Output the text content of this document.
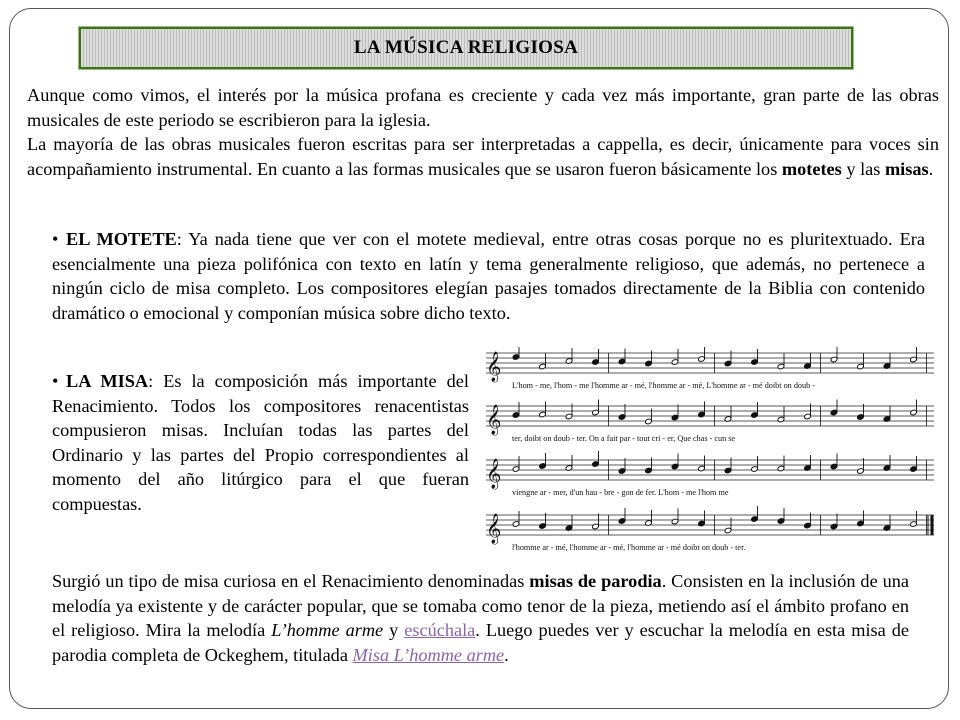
LA MÚSICA RELIGIOSA
Aunque como vimos, el interés por la música profana es creciente y cada vez más importante, gran parte de las obras musicales de este periodo se escribieron para la iglesia.
La mayoría de las obras musicales fueron escritas para ser interpretadas a cappella, es decir, únicamente para voces sin acompañamiento instrumental. En cuanto a las formas musicales que se usaron fueron básicamente los motetes y las misas.
• EL MOTETE: Ya nada tiene que ver con el motete medieval, entre otras cosas porque no es pluritextuado. Era esencialmente una pieza polifónica con texto en latín y tema generalmente religioso, que además, no pertenece a ningún ciclo de misa completo. Los compositores elegían pasajes tomados directamente de la Biblia con contenido dramático o emocional y componían música sobre dicho texto.
• LA MISA: Es la composición más importante del Renacimiento. Todos los compositores renacentistas compusieron misas. Incluían todas las partes del Ordinario y las partes del Propio correspondientes al momento del año litúrgico para el que fueran compuestas.
𝄞
𝄞
𝄞
𝄞
L'hom - me, l'hom - me l'homme ar - mé, l'homme ar - mé, L'homme ar - mé doibt on doub -
ter, doibt on doub - ter. On a fait par - tout cri - er, Que chas - cun se
viengne ar - mer, d'un hau - bre - gon de fer. L'hom - me l'hom me
l'homme ar - mé, l'homme ar - mé, l'homme ar - mé doibt on doub - ter.
Surgió un tipo de misa curiosa en el Renacimiento denominadas misas de parodia. Consisten en la inclusión de una melodía ya existente y de carácter popular, que se tomaba como tenor de la pieza, metiendo así el ámbito profano en el religioso. Mira la melodía L’homme arme y escúchala. Luego puedes ver y escuchar la melodía en esta misa de parodia completa de Ockeghem, titulada Misa L’homme arme.
